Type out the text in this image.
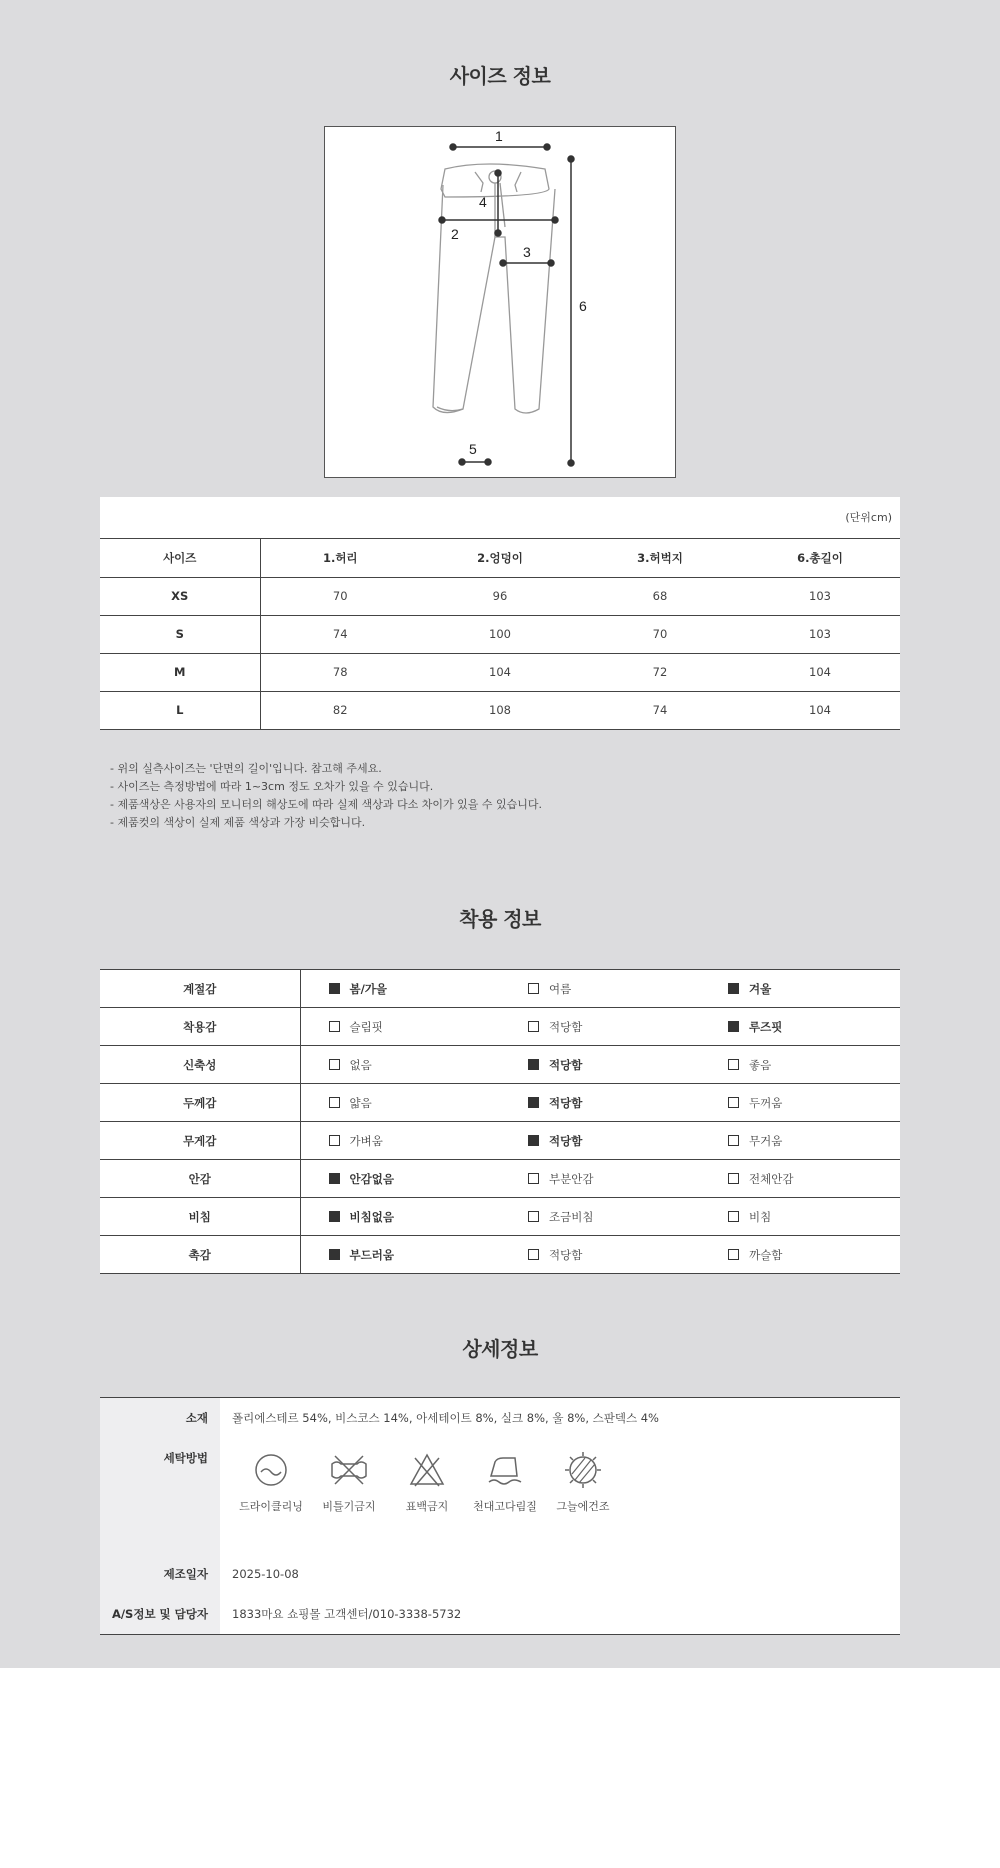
사이즈 정보
1
2
3
4
5
6
(단위cm)
사이즈	1.허리	2.엉덩이	3.허벅지	6.총길이
XS	70	96	68	103
S	74	100	70	103
M	78	104	72	104
L	82	108	74	104
- 위의 실측사이즈는 '단면의 길이'입니다. 참고해 주세요.
- 사이즈는 측정방법에 따라 1~3cm 정도 오차가 있을 수 있습니다.
- 제품색상은 사용자의 모니터의 해상도에 따라 실제 색상과 다소 차이가 있을 수 있습니다.
- 제품컷의 색상이 실제 제품 색상과 가장 비슷합니다.
착용 정보
계절감	봄/가을	여름	겨울
착용감	슬림핏	적당함	루즈핏
신축성	없음	적당함	좋음
두께감	얇음	적당함	두꺼움
무게감	가벼움	적당함	무거움
안감	안감없음	부분안감	전체안감
비침	비침없음	조금비침	비침
촉감	부드러움	적당함	까슬함
상세정보
소재	폴리에스테르 54%, 비스코스 14%, 아세테이트 8%, 실크 8%, 울 8%, 스판덱스 4%
세탁방법
드라이클리닝	비틀기금지	표백금지	천대고다림질	그늘에건조
제조일자	2025-10-08
A/S정보 및 담당자	1833마요 쇼핑몰 고객센터/010-3338-5732
